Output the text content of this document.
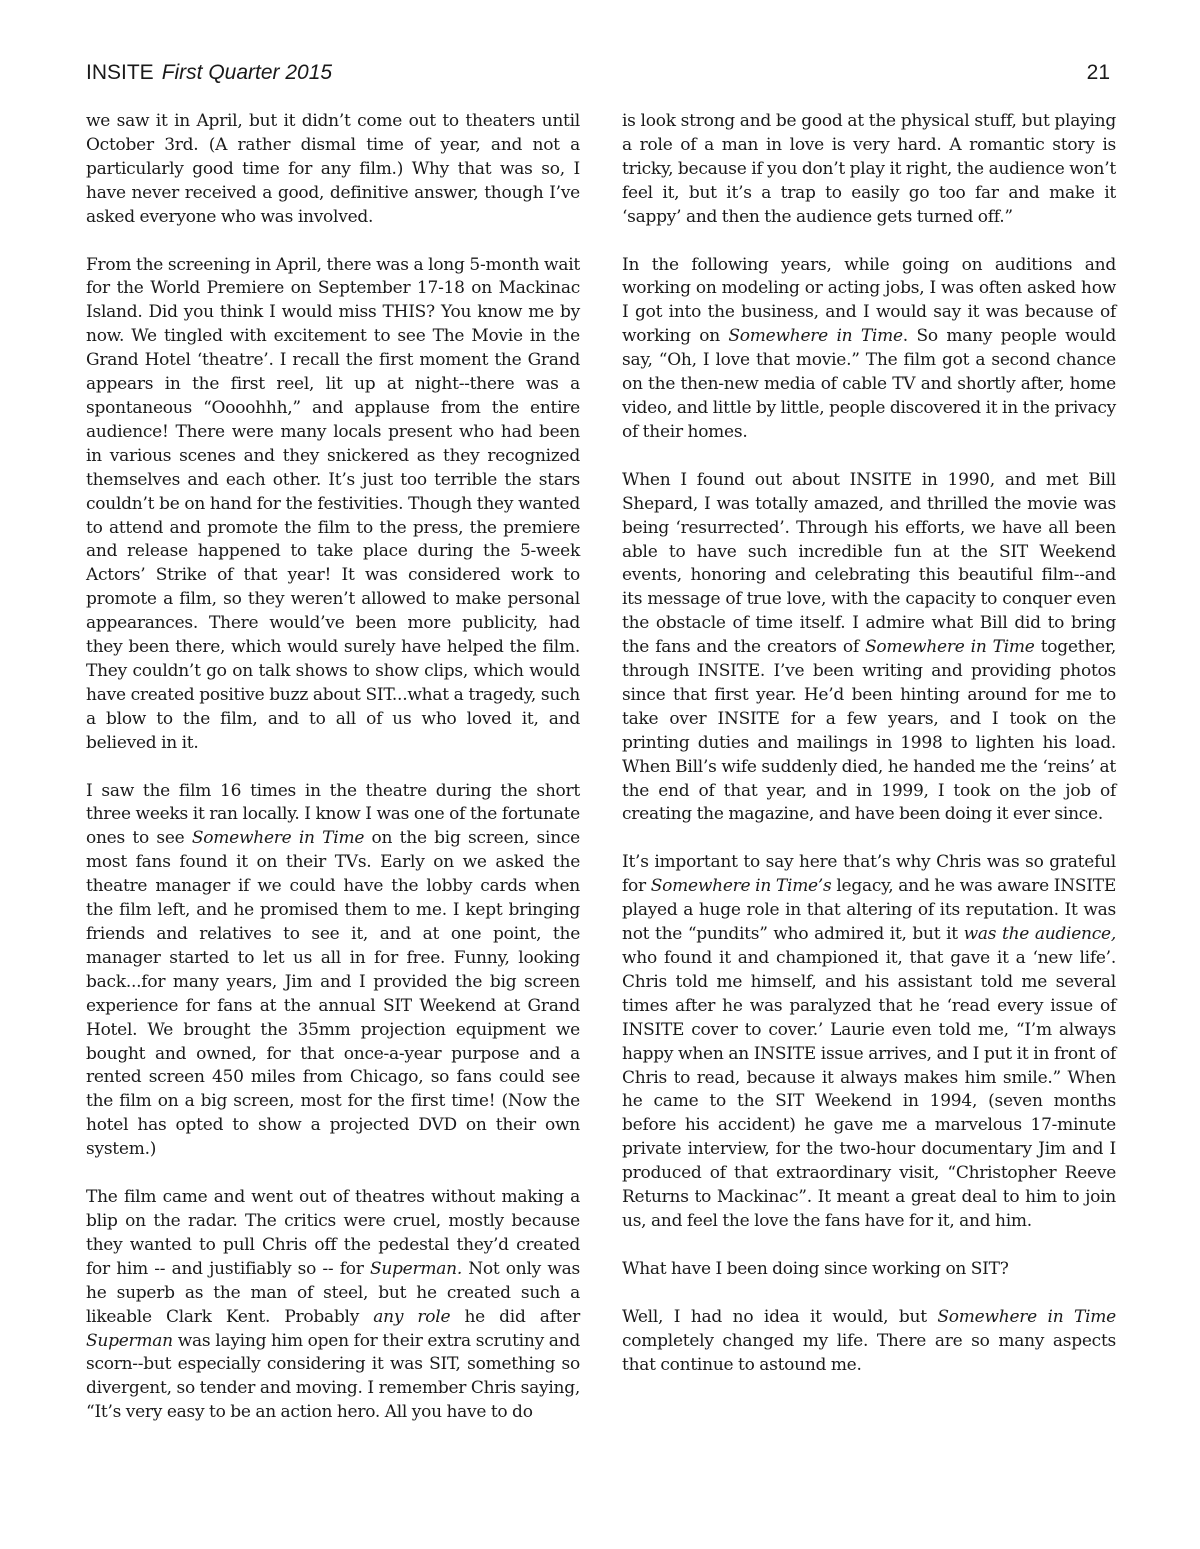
INSITE First Quarter 2015	21

we saw it in April, but it didn’t come out to theaters until October 3rd. (A rather dismal time of year, and not a particularly good time for any film.) Why that was so, I have never received a good, definitive answer, though I’ve asked everyone who was involved.

From the screening in April, there was a long 5-month wait for the World Premiere on September 17-18 on Mackinac Island. Did you think I would miss THIS? You know me by now. We tingled with excitement to see The Movie in the Grand Hotel ‘theatre’. I recall the first moment the Grand appears in the first reel, lit up at night--there was a spontaneous “Oooohhh,” and applause from the entire audience! There were many locals present who had been in various scenes and they snickered as they recognized themselves and each other. It’s just too terrible the stars couldn’t be on hand for the festivities. Though they wanted to attend and promote the film to the press, the premiere and release happened to take place during the 5-week Actors’ Strike of that year! It was considered work to promote a film, so they weren’t allowed to make personal appearances. There would’ve been more publicity, had they been there, which would surely have helped the film. They couldn’t go on talk shows to show clips, which would have created positive buzz about SIT...what a tragedy, such a blow to the film, and to all of us who loved it, and believed in it.

I saw the film 16 times in the theatre during the short three weeks it ran locally. I know I was one of the fortunate ones to see Somewhere in Time on the big screen, since most fans found it on their TVs. Early on we asked the theatre manager if we could have the lobby cards when the film left, and he promised them to me. I kept bringing friends and relatives to see it, and at one point, the manager started to let us all in for free. Funny, looking back...for many years, Jim and I provided the big screen experience for fans at the annual SIT Weekend at Grand Hotel. We brought the 35mm projection equipment we bought and owned, for that once-a-year purpose and a rented screen 450 miles from Chicago, so fans could see the film on a big screen, most for the first time! (Now the hotel has opted to show a projected DVD on their own system.)

The film came and went out of theatres without making a blip on the radar. The critics were cruel, mostly because they wanted to pull Chris off the pedestal they’d created for him -- and justifiably so -- for Superman. Not only was he superb as the man of steel, but he created such a likeable Clark Kent. Probably any role he did after Superman was laying him open for their extra scrutiny and scorn--but especially considering it was SIT, something so divergent, so tender and moving. I remember Chris saying, “It’s very easy to be an action hero. All you have to do

is look strong and be good at the physical stuff, but playing a role of a man in love is very hard. A romantic story is tricky, because if you don’t play it right, the audience won’t feel it, but it’s a trap to easily go too far and make it ‘sappy’ and then the audience gets turned off.”

In the following years, while going on auditions and working on modeling or acting jobs, I was often asked how I got into the business, and I would say it was because of working on Somewhere in Time. So many people would say, “Oh, I love that movie.” The film got a second chance on the then-new media of cable TV and shortly after, home video, and little by little, people discovered it in the privacy of their homes.

When I found out about INSITE in 1990, and met Bill Shepard, I was totally amazed, and thrilled the movie was being ‘resurrected’. Through his efforts, we have all been able to have such incredible fun at the SIT Weekend events, honoring and celebrating this beautiful film--and its message of true love, with the capacity to conquer even the obstacle of time itself. I admire what Bill did to bring the fans and the creators of Somewhere in Time together, through INSITE. I’ve been writing and providing photos since that first year. He’d been hinting around for me to take over INSITE for a few years, and I took on the printing duties and mailings in 1998 to lighten his load. When Bill’s wife suddenly died, he handed me the ‘reins’ at the end of that year, and in 1999, I took on the job of creating the magazine, and have been doing it ever since.

It’s important to say here that’s why Chris was so grateful for Somewhere in Time’s legacy, and he was aware INSITE played a huge role in that altering of its reputation. It was not the “pundits” who admired it, but it was the audience, who found it and championed it, that gave it a ‘new life’. Chris told me himself, and his assistant told me several times after he was paralyzed that he ‘read every issue of INSITE cover to cover.’ Laurie even told me, “I’m always happy when an INSITE issue arrives, and I put it in front of Chris to read, because it always makes him smile.” When he came to the SIT Weekend in 1994, (seven months before his accident) he gave me a marvelous 17-minute private interview, for the two-hour documentary Jim and I produced of that extraordinary visit, “Christopher Reeve Returns to Mackinac”. It meant a great deal to him to join us, and feel the love the fans have for it, and him.

What have I been doing since working on SIT?

Well, I had no idea it would, but Somewhere in Time completely changed my life. There are so many aspects that continue to astound me.
